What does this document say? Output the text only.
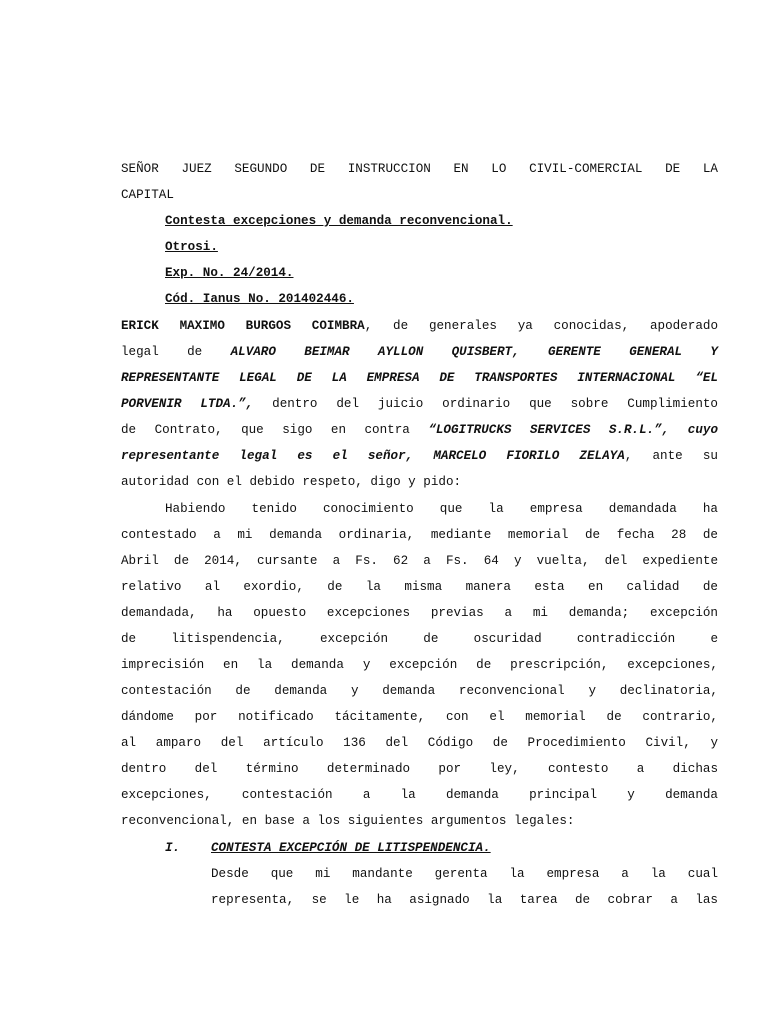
SEÑOR JUEZ SEGUNDO DE INSTRUCCION EN LO CIVIL-COMERCIAL DE LA
CAPITAL
Contesta excepciones y demanda reconvencional.
Otrosi.
Exp. No. 24/2014.
Cód. Ianus No. 201402446.
ERICK MAXIMO BURGOS COIMBRA, de generales ya conocidas, apoderado
legal de ALVARO BEIMAR AYLLON QUISBERT, GERENTE GENERAL Y
REPRESENTANTE LEGAL DE LA EMPRESA DE TRANSPORTES INTERNACIONAL “EL
PORVENIR LTDA.”, dentro del juicio ordinario que sobre Cumplimiento
de Contrato, que sigo en contra “LOGITRUCKS SERVICES S.R.L.”, cuyo
representante legal es el señor, MARCELO FIORILO ZELAYA, ante su
autoridad con el debido respeto, digo y pido:
Habiendo tenido conocimiento que la empresa demandada ha
contestado a mi demanda ordinaria, mediante memorial de fecha 28 de
Abril de 2014, cursante a Fs. 62 a Fs. 64 y vuelta, del expediente
relativo al exordio, de la misma manera esta en calidad de
demandada, ha opuesto excepciones previas a mi demanda; excepción
de litispendencia, excepción de oscuridad contradicción e
imprecisión en la demanda y excepción de prescripción, excepciones,
contestación de demanda y demanda reconvencional y declinatoria,
dándome por notificado tácitamente, con el memorial de contrario,
al amparo del artículo 136 del Código de Procedimiento Civil, y
dentro del término determinado por ley, contesto a dichas
excepciones, contestación a la demanda principal y demanda
reconvencional, en base a los siguientes argumentos legales:
I. CONTESTA EXCEPCIÓN DE LITISPENDENCIA.
Desde que mi mandante gerenta la empresa a la cual
representa, se le ha asignado la tarea de cobrar a las
